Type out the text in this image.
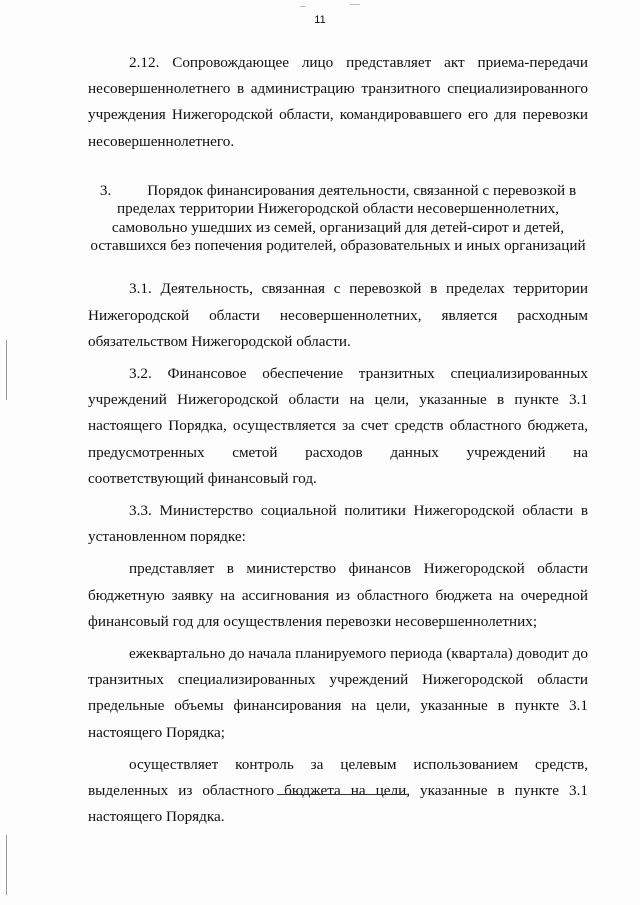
11

2.12. Сопровождающее лицо представляет акт приема-передачи несовершеннолетнего в администрацию транзитного специализированного учреждения Нижегородской области, командировавшего его для перевозки несовершеннолетнего.

3. Порядок финансирования деятельности, связанной с перевозкой в пределах территории Нижегородской области несовершеннолетних, самовольно ушедших из семей, организаций для детей-сирот и детей, оставшихся без попечения родителей, образовательных и иных организаций

3.1. Деятельность, связанная с перевозкой в пределах территории Нижегородской области несовершеннолетних, является расходным обязательством Нижегородской области.

3.2. Финансовое обеспечение транзитных специализированных учреждений Нижегородской области на цели, указанные в пункте 3.1 настоящего Порядка, осуществляется за счет средств областного бюджета, предусмотренных сметой расходов данных учреждений на соответствующий финансовый год.

3.3. Министерство социальной политики Нижегородской области в установленном порядке:

представляет в министерство финансов Нижегородской области бюджетную заявку на ассигнования из областного бюджета на очередной финансовый год для осуществления перевозки несовершеннолетних;

ежеквартально до начала планируемого периода (квартала) доводит до транзитных специализированных учреждений Нижегородской области предельные объемы финансирования на цели, указанные в пункте 3.1 настоящего Порядка;

осуществляет контроль за целевым использованием средств, выделенных из областного бюджета на цели, указанные в пункте 3.1 настоящего Порядка.
